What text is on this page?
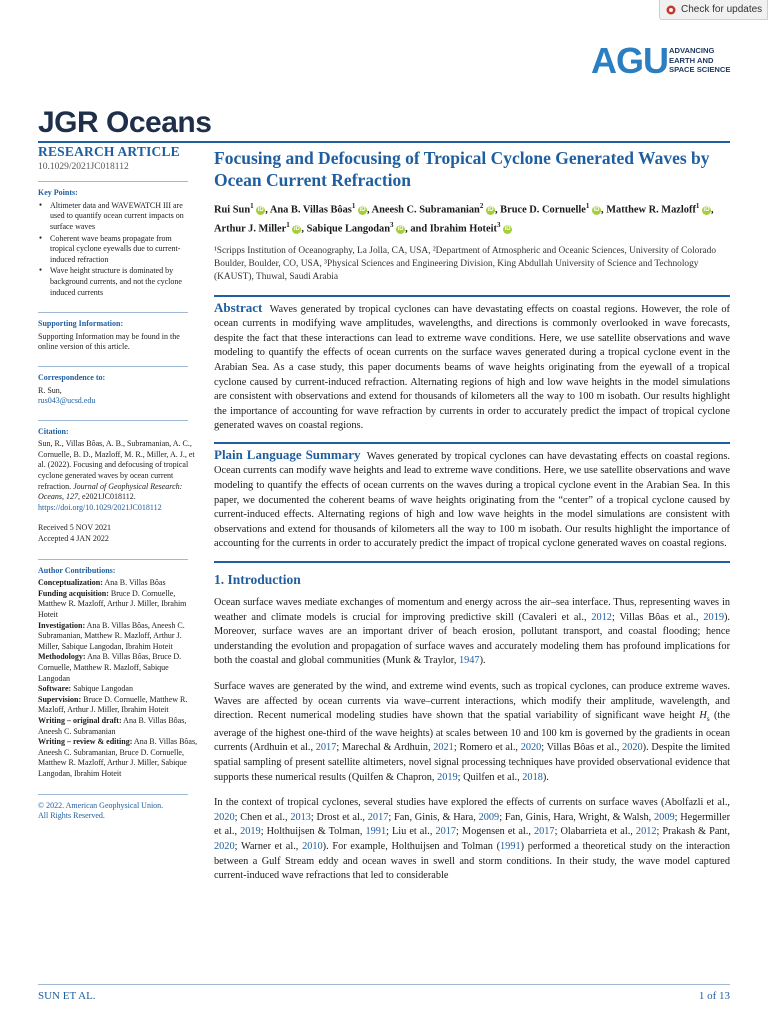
Check for updates
AGU ADVANCING
EARTH AND
SPACE SCIENCE
JGR Oceans

RESEARCH ARTICLE

10.1029/2021JC018112

Key Points:

● Altimeter data and WAVEWATCH III are used to quantify ocean current impacts on surface waves
● Coherent wave beams propagate from tropical cyclone eyewalls due to current-induced refraction
● Wave height structure is dominated by background currents, and not the cyclone induced currents

Supporting Information:

Supporting Information may be found in the online version of this article.

Correspondence to:

R. Sun,

rus043@ucsd.edu

Citation:

Sun, R., Villas Bôas, A. B., Subramanian, A. C., Cornuelle, B. D., Mazloff, M. R., Miller, A. J., et al. (2022). Focusing and defocusing of tropical cyclone generated waves by ocean current refraction. Journal of Geophysical Research: Oceans, 127, e2021JC018112. https://doi.org/10.1029/2021JC018112

Received 5 NOV 2021

Accepted 4 JAN 2022

Author Contributions:

Conceptualization: Ana B. Villas Bôas

Funding acquisition: Bruce D. Cornuelle, Matthew R. Mazloff, Arthur J. Miller, Ibrahim Hoteit

Investigation: Ana B. Villas Bôas, Aneesh C. Subramanian, Matthew R. Mazloff, Arthur J. Miller, Sabique Langodan, Ibrahim Hoteit

Methodology: Ana B. Villas Bôas, Bruce D. Cornuelle, Matthew R. Mazloff, Sabique Langodan

Software: Sabique Langodan

Supervision: Bruce D. Cornuelle, Matthew R. Mazloff, Arthur J. Miller, Ibrahim Hoteit

Writing – original draft: Ana B. Villas Bôas, Aneesh C. Subramanian

Writing – review & editing: Ana B. Villas Bôas, Aneesh C. Subramanian, Bruce D. Cornuelle, Matthew R. Mazloff, Arthur J. Miller, Sabique Langodan, Ibrahim Hoteit

© 2022. American Geophysical Union.

All Rights Reserved.

Focusing and Defocusing of Tropical Cyclone Generated Waves by Ocean Current Refraction
Rui Sun$^1$ iD , Ana B. Villas Bôas$^1$ iD , Aneesh C. Subramanian$^2$ iD , Bruce D. Cornuelle$^1$ iD , Matthew R. Mazloff$^1$ iD , Arthur J. Miller$^1$ iD , Sabique Langodan$^3$ iD , and Ibrahim Hoteit$^3$ iD
¹Scripps Institution of Oceanography, La Jolla, CA, USA, ²Department of Atmospheric and Oceanic Sciences, University of Colorado Boulder, Boulder, CO, USA, ³Physical Sciences and Engineering Division, King Abdullah University of Science and Technology (KAUST), Thuwal, Saudi Arabia

Abstract Waves generated by tropical cyclones can have devastating effects on coastal regions. However, the role of ocean currents in modifying wave amplitudes, wavelengths, and directions is commonly overlooked in wave forecasts, despite the fact that these interactions can lead to extreme wave conditions. Here, we use satellite observations and wave modeling to quantify the effects of ocean currents on the surface waves generated during a tropical cyclone event in the Arabian Sea. As a case study, this paper documents beams of wave heights originating from the eyewall of a tropical cyclone caused by current-induced refraction. Alternating regions of high and low wave heights in the model simulations are consistent with observations and extend for thousands of kilometers all the way to 100 m isobath. Our results highlight the importance of accounting for wave refraction by currents in order to accurately predict the impact of tropical cyclone generated waves on coastal regions.

Plain Language Summary Waves generated by tropical cyclones can have devastating effects on coastal regions. Ocean currents can modify wave heights and lead to extreme wave conditions. Here, we use satellite observations and wave modeling to quantify the effects of ocean currents on the waves during a tropical cyclone event in the Arabian Sea. In this paper, we documented the coherent beams of wave heights originating from the “center” of a tropical cyclone caused by current-induced effects. Alternating regions of high and low wave heights in the model simulations are consistent with observations and extend for thousands of kilometers all the way to 100 m isobath. Our results highlight the importance of accounting for the currents in order to accurately predict the impact of tropical cyclone generated waves on coastal regions.

1. Introduction

Ocean surface waves mediate exchanges of momentum and energy across the air–sea interface. Thus, representing waves in weather and climate models is crucial for improving predictive skill (Cavaleri et al., 2012; Villas Bôas et al., 2019). Moreover, surface waves are an important driver of beach erosion, pollutant transport, and coastal flooding; hence understanding the evolution and propagation of surface waves and accurately modeling them has profound implications for both the coastal and global communities (Munk & Traylor, 1947).

Surface waves are generated by the wind, and extreme wind events, such as tropical cyclones, can produce extreme waves. Waves are affected by ocean currents via wave–current interactions, which modify their amplitude, wavelength, and direction. Recent numerical modeling studies have shown that the spatial variability of significant wave height $H_s$ (the average of the highest one-third of the wave heights) at scales between 10 and 100 km is governed by the gradients in ocean currents (Ardhuin et al., 2017; Marechal & Ardhuin, 2021; Romero et al., 2020; Villas Bôas et al., 2020). Despite the limited spatial sampling of present satellite altimeters, novel signal processing techniques have provided observational evidence that supports these numerical results (Quilfen & Chapron, 2019; Quilfen et al., 2018).

In the context of tropical cyclones, several studies have explored the effects of currents on surface waves (Abolfazli et al., 2020; Chen et al., 2013; Drost et al., 2017; Fan, Ginis, & Hara, 2009; Fan, Ginis, Hara, Wright, & Walsh, 2009; Hegermiller et al., 2019; Holthuijsen & Tolman, 1991; Liu et al., 2017; Mogensen et al., 2017; Olabarrieta et al., 2012; Prakash & Pant, 2020; Warner et al., 2010). For example, Holthuijsen and Tolman (1991) performed a theoretical study on the interaction between a Gulf Stream eddy and ocean waves in swell and storm conditions. In their study, the wave model captured current-induced wave refractions that led to considerable

SUN ET AL.	1 of 13
